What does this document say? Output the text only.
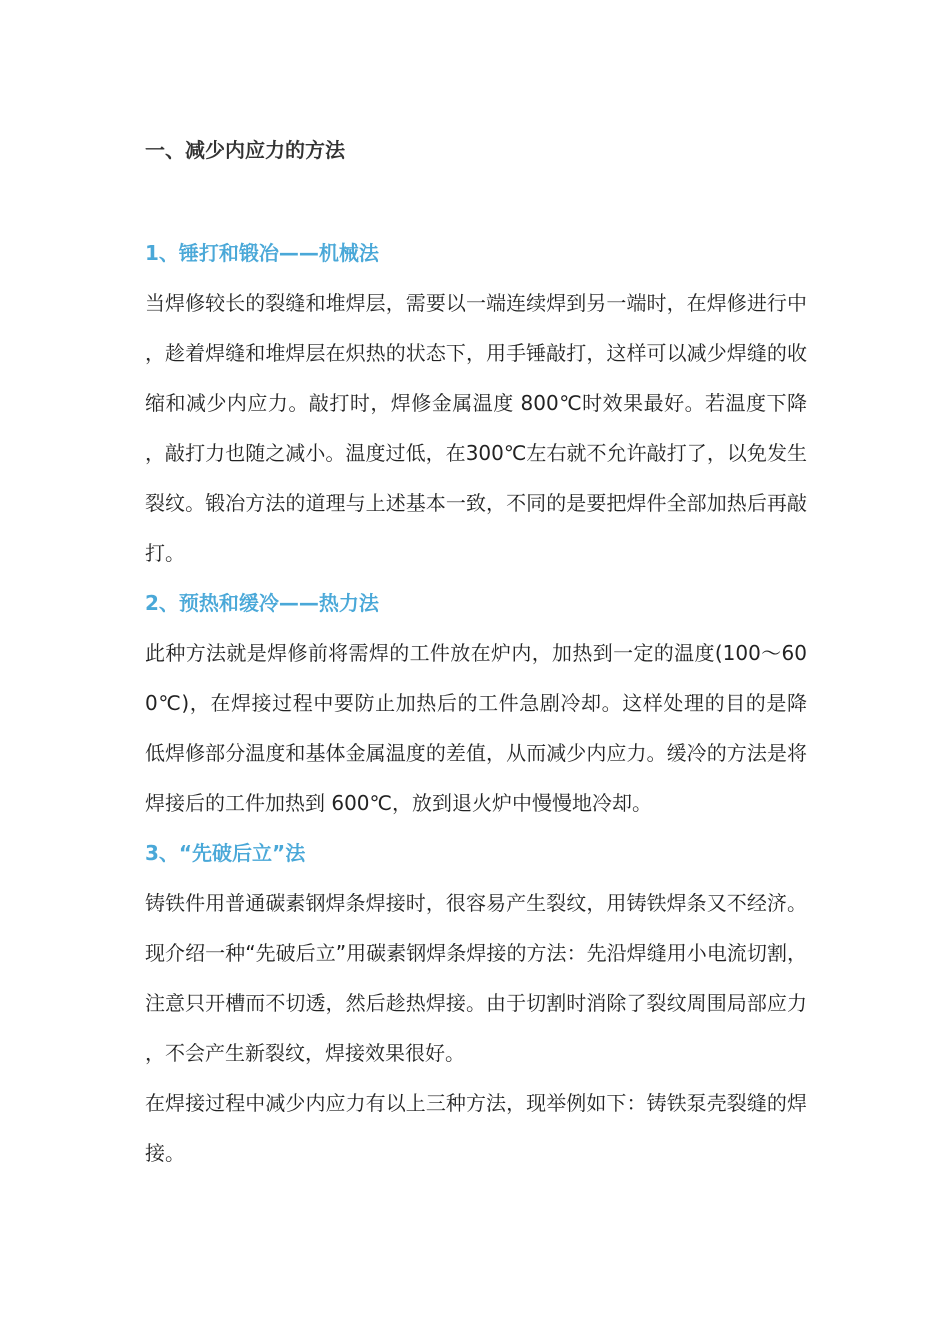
一、减少内应力的方法
1、锤打和锻冶——机械法

当焊修较长的裂缝和堆焊层，需要以一端连续焊到另一端时，在焊修进行中，趁着焊缝和堆焊层在炽热的状态下，用手锤敲打，这样可以减少焊缝的收缩和减少内应力。敲打时，焊修金属温度 800℃时效果最好。若温度下降，敲打力也随之减小。温度过低，在300℃左右就不允许敲打了，以免发生裂纹。锻冶方法的道理与上述基本一致，不同的是要把焊件全部加热后再敲打。

2、预热和缓冷——热力法

此种方法就是焊修前将需焊的工件放在炉内，加热到一定的温度(100～600℃)，在焊接过程中要防止加热后的工件急剧冷却。这样处理的目的是降低焊修部分温度和基体金属温度的差值，从而减少内应力。缓冷的方法是将焊接后的工件加热到 600℃，放到退火炉中慢慢地冷却。

3、“先破后立”法

铸铁件用普通碳素钢焊条焊接时，很容易产生裂纹，用铸铁焊条又不经济。现介绍一种“先破后立”用碳素钢焊条焊接的方法：先沿焊缝用小电流切割，注意只开槽而不切透，然后趁热焊接。由于切割时消除了裂纹周围局部应力，不会产生新裂纹，焊接效果很好。

在焊接过程中减少内应力有以上三种方法，现举例如下：铸铁泵壳裂缝的焊接。
